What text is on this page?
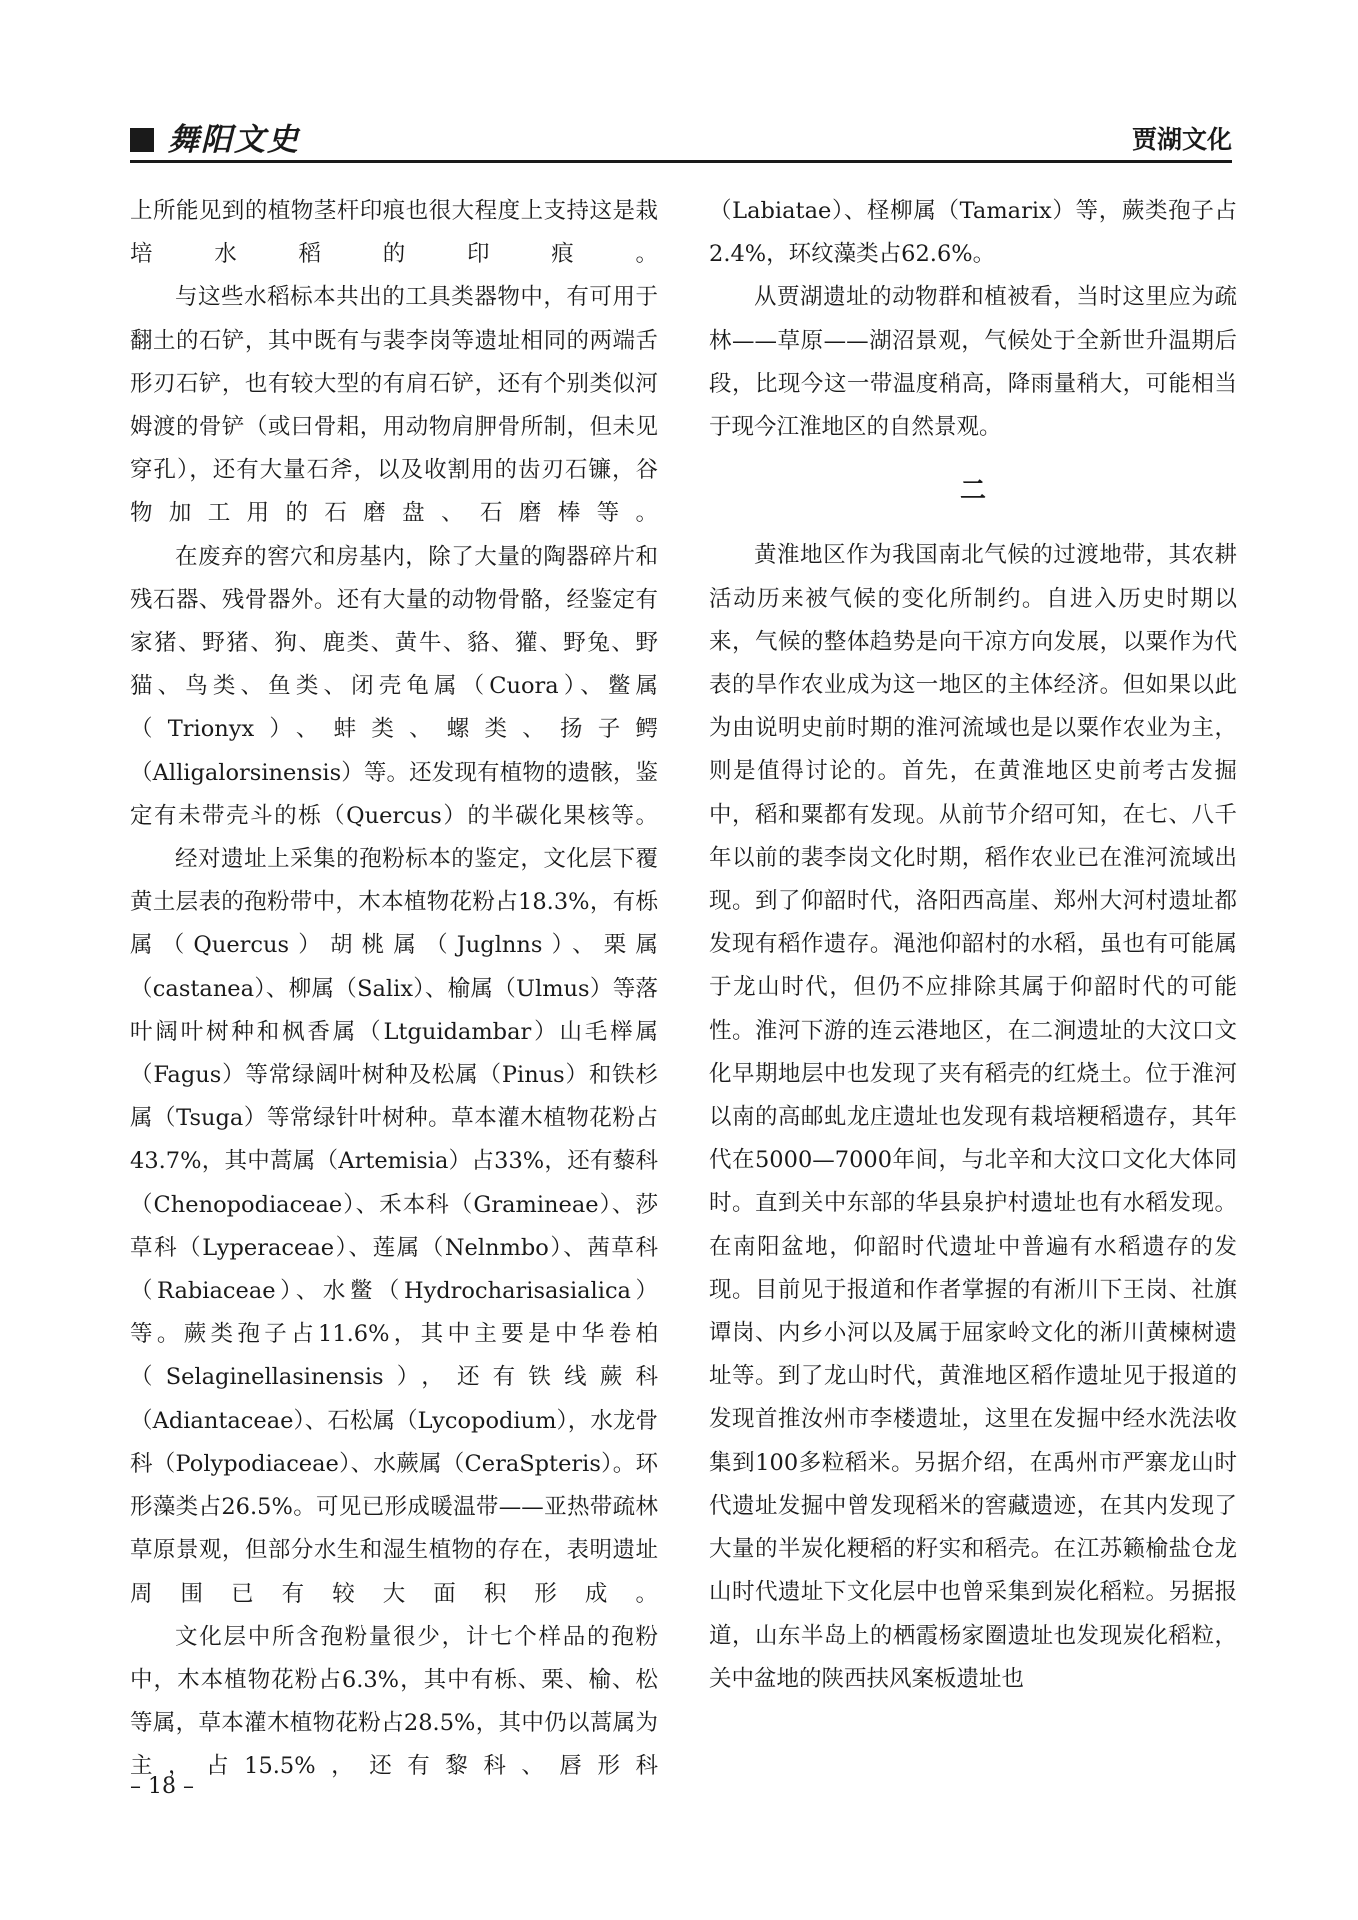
舞阳文史	贾湖文化

上所能见到的植物茎杆印痕也很大程度上支持这是栽培水稻的印痕。

与这些水稻标本共出的工具类器物中，有可用于翻土的石铲，其中既有与裴李岗等遗址相同的两端舌形刃石铲，也有较大型的有肩石铲，还有个别类似河姆渡的骨铲（或曰骨耜，用动物肩胛骨所制，但未见穿孔），还有大量石斧，以及收割用的齿刃石镰，谷物加工用的石磨盘、石磨棒等。

在废弃的窖穴和房基内，除了大量的陶器碎片和残石器、残骨器外。还有大量的动物骨骼，经鉴定有家猪、野猪、狗、鹿类、黄牛、貉、獾、野兔、野猫、鸟类、鱼类、闭壳龟属（Cuora）、鳖属（Trionyx）、蚌类、螺类、扬子鳄（Alligalorsinensis）等。还发现有植物的遗骸，鉴定有未带壳斗的栎（Quercus）的半碳化果核等。

经对遗址上采集的孢粉标本的鉴定，文化层下覆黄土层表的孢粉带中，木本植物花粉占18.3%，有栎属（Quercus）胡桃属（Juglnns）、栗属（castanea）、柳属（Salix）、榆属（Ulmus）等落叶阔叶树种和枫香属（Ltguidambar）山毛榉属（Fagus）等常绿阔叶树种及松属（Pinus）和铁杉属（Tsuga）等常绿针叶树种。草本灌木植物花粉占43.7%，其中蒿属（Artemisia）占33%，还有藜科（Chenopodiaceae）、禾本科（Gramineae）、莎草科（Lyperaceae）、莲属（Nelnmbo）、茜草科（Rabiaceae）、水鳖（Hydrocharisasialica）等。蕨类孢子占11.6%，其中主要是中华卷柏（Selaginellasinensis），还有铁线蕨科（Adiantaceae）、石松属（Lycopodium），水龙骨科（Polypodiaceae）、水蕨属（CeraSpteris）。环形藻类占26.5%。可见已形成暖温带——亚热带疏林草原景观，但部分水生和湿生植物的存在，表明遗址周围已有较大面积形成。

文化层中所含孢粉量很少，计七个样品的孢粉中，木本植物花粉占6.3%，其中有栎、栗、榆、松等属，草本灌木植物花粉占28.5%，其中仍以蒿属为主，占15.5%，还有黎科、唇形科

（Labiatae）、柽柳属（Tamarix）等，蕨类孢子占2.4%，环纹藻类占62.6%。

从贾湖遗址的动物群和植被看，当时这里应为疏林——草原——湖沼景观，气候处于全新世升温期后段，比现今这一带温度稍高，降雨量稍大，可能相当于现今江淮地区的自然景观。

二

黄淮地区作为我国南北气候的过渡地带，其农耕活动历来被气候的变化所制约。自进入历史时期以来，气候的整体趋势是向干凉方向发展，以粟作为代表的旱作农业成为这一地区的主体经济。但如果以此为由说明史前时期的淮河流域也是以粟作农业为主，则是值得讨论的。首先，在黄淮地区史前考古发掘中，稻和粟都有发现。从前节介绍可知，在七、八千年以前的裴李岗文化时期，稻作农业已在淮河流域出现。到了仰韶时代，洛阳西高崖、郑州大河村遗址都发现有稻作遗存。渑池仰韶村的水稻，虽也有可能属于龙山时代，但仍不应排除其属于仰韶时代的可能性。淮河下游的连云港地区，在二涧遗址的大汶口文化早期地层中也发现了夹有稻壳的红烧土。位于淮河以南的高邮虬龙庄遗址也发现有栽培粳稻遗存，其年代在5000—7000年间，与北辛和大汶口文化大体同时。直到关中东部的华县泉护村遗址也有水稻发现。在南阳盆地，仰韶时代遗址中普遍有水稻遗存的发现。目前见于报道和作者掌握的有淅川下王岗、社旗谭岗、内乡小河以及属于屈家岭文化的淅川黄楝树遗址等。到了龙山时代，黄淮地区稻作遗址见于报道的发现首推汝州市李楼遗址，这里在发掘中经水洗法收集到100多粒稻米。另据介绍，在禹州市严寨龙山时代遗址发掘中曾发现稻米的窖藏遗迹，在其内发现了大量的半炭化粳稻的籽实和稻壳。在江苏籁榆盐仓龙山时代遗址下文化层中也曾采集到炭化稻粒。另据报道，山东半岛上的栖霞杨家圈遗址也发现炭化稻粒，关中盆地的陕西扶风案板遗址也

– 18 –
